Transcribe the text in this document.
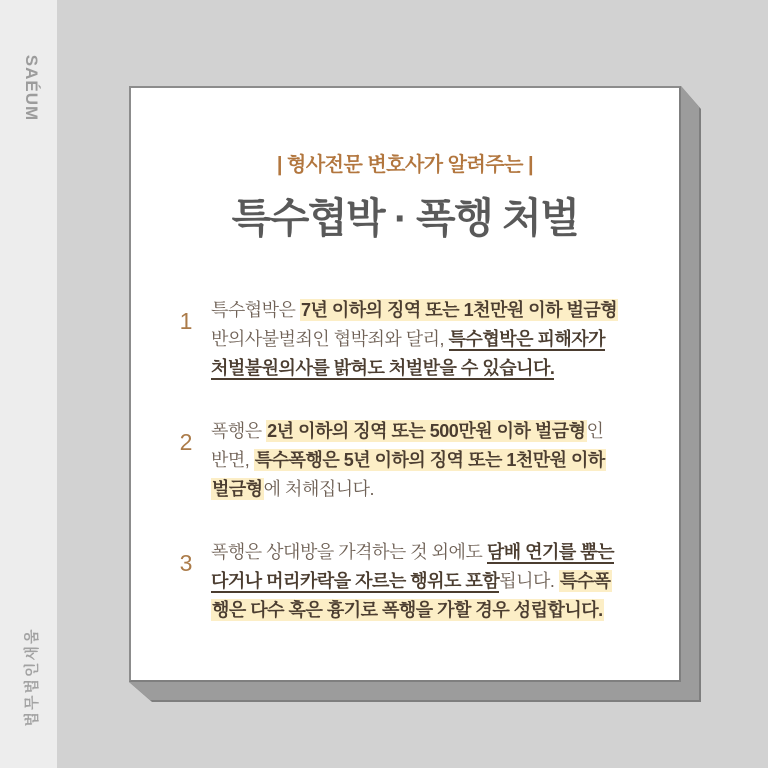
SAÉUM
법무법인새움
| 형사전문 변호사가 알려주는 |
특수협박 · 폭행 처벌
1 특수협박은 7년 이하의 징역 또는 1천만원 이하 벌금형
반의사불벌죄인 협박죄와 달리, 특수협박은 피해자가
처벌불원의사를 밝혀도 처벌받을 수 있습니다.
2 폭행은 2년 이하의 징역 또는 500만원 이하 벌금형인
반면, 특수폭행은 5년 이하의 징역 또는 1천만원 이하
벌금형에 처해집니다.
3 폭행은 상대방을 가격하는 것 외에도 담배 연기를 뿜는
다거나 머리카락을 자르는 행위도 포함됩니다. 특수폭
행은 다수 혹은 흉기로 폭행을 가할 경우 성립합니다.
